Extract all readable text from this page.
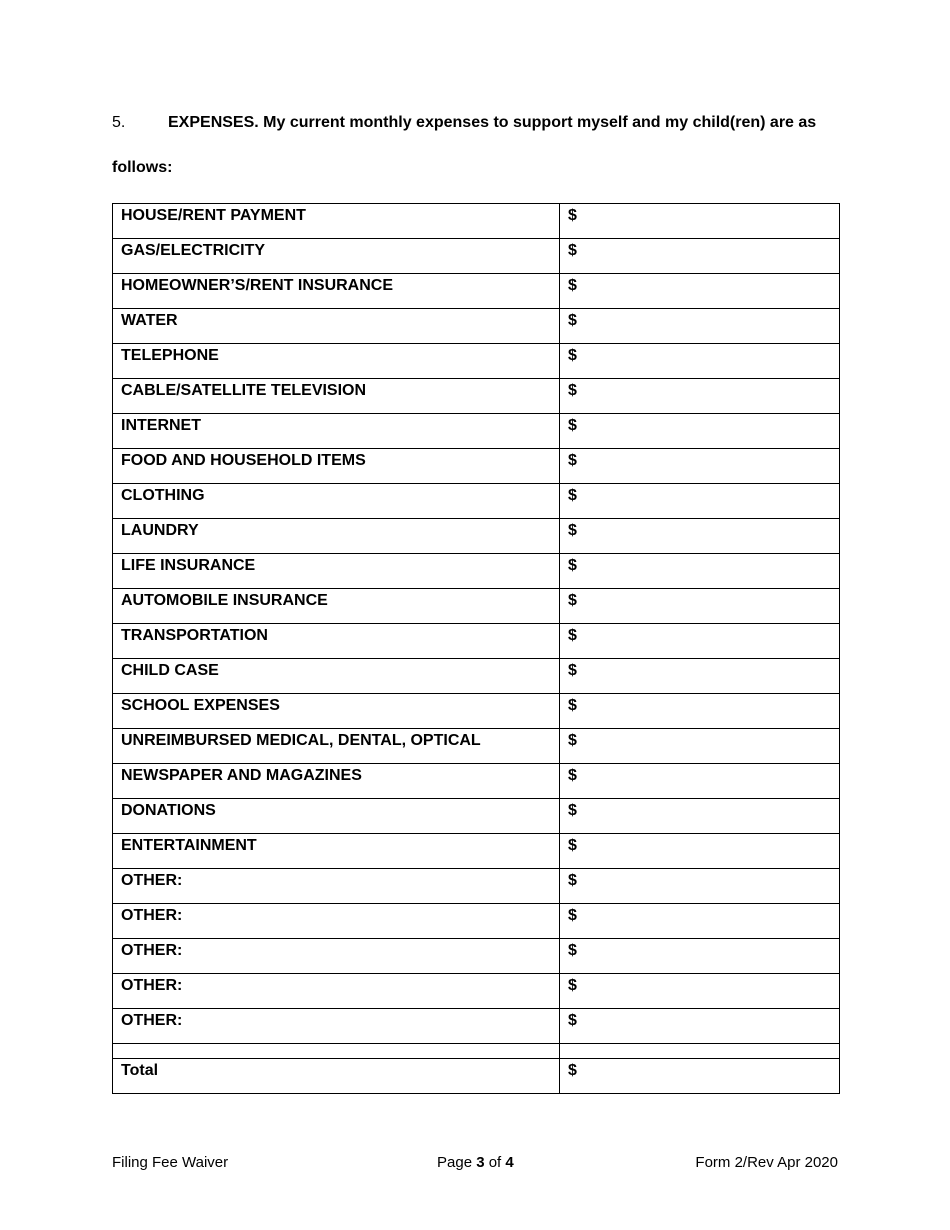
5.	EXPENSES. My current monthly expenses to support myself and my child(ren) are as
follows:
HOUSE/RENT PAYMENT	$
GAS/ELECTRICITY	$
HOMEOWNER’S/RENT INSURANCE	$
WATER	$
TELEPHONE	$
CABLE/SATELLITE TELEVISION	$
INTERNET	$
FOOD AND HOUSEHOLD ITEMS	$
CLOTHING	$
LAUNDRY	$
LIFE INSURANCE	$
AUTOMOBILE INSURANCE	$
TRANSPORTATION	$
CHILD CASE	$
SCHOOL EXPENSES	$
UNREIMBURSED MEDICAL, DENTAL, OPTICAL	$
NEWSPAPER AND MAGAZINES	$
DONATIONS	$
ENTERTAINMENT	$
OTHER:	$
OTHER:	$
OTHER:	$
OTHER:	$
OTHER:	$

Total	$
Filing Fee Waiver	Page 3 of 4	Form 2/Rev Apr 2020
